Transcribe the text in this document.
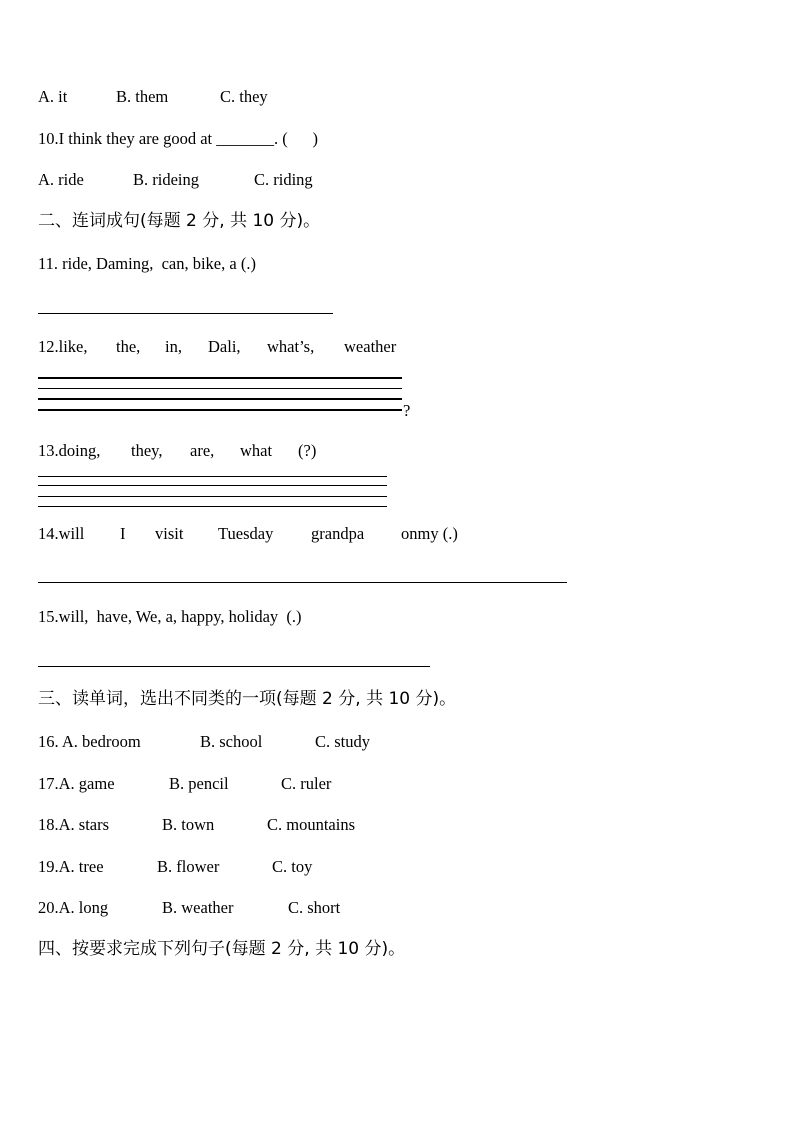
A. it	B. them	C. they
10.I think they are good at _______. (      )
A. ride	B. rideing	C. riding
二、连词成句(每题 2 分, 共 10 分)。
11. ride, Daming,  can, bike, a (.)
12.like, the, in, Dali, what’s, weather
?
13.doing, they, are, what (?)
14.will I visit Tuesday grandpa onmy (.)
15.will,  have, We, a, happy, holiday  (.)
三、读单词，选出不同类的一项(每题 2 分, 共 10 分)。
16. A. bedroom	B. school	C. study
17.A. game	B. pencil	C. ruler
18.A. stars	B. town	C. mountains
19.A. tree	B. flower	C. toy
20.A. long	B. weather	C. short
四、按要求完成下列句子(每题 2 分, 共 10 分)。
